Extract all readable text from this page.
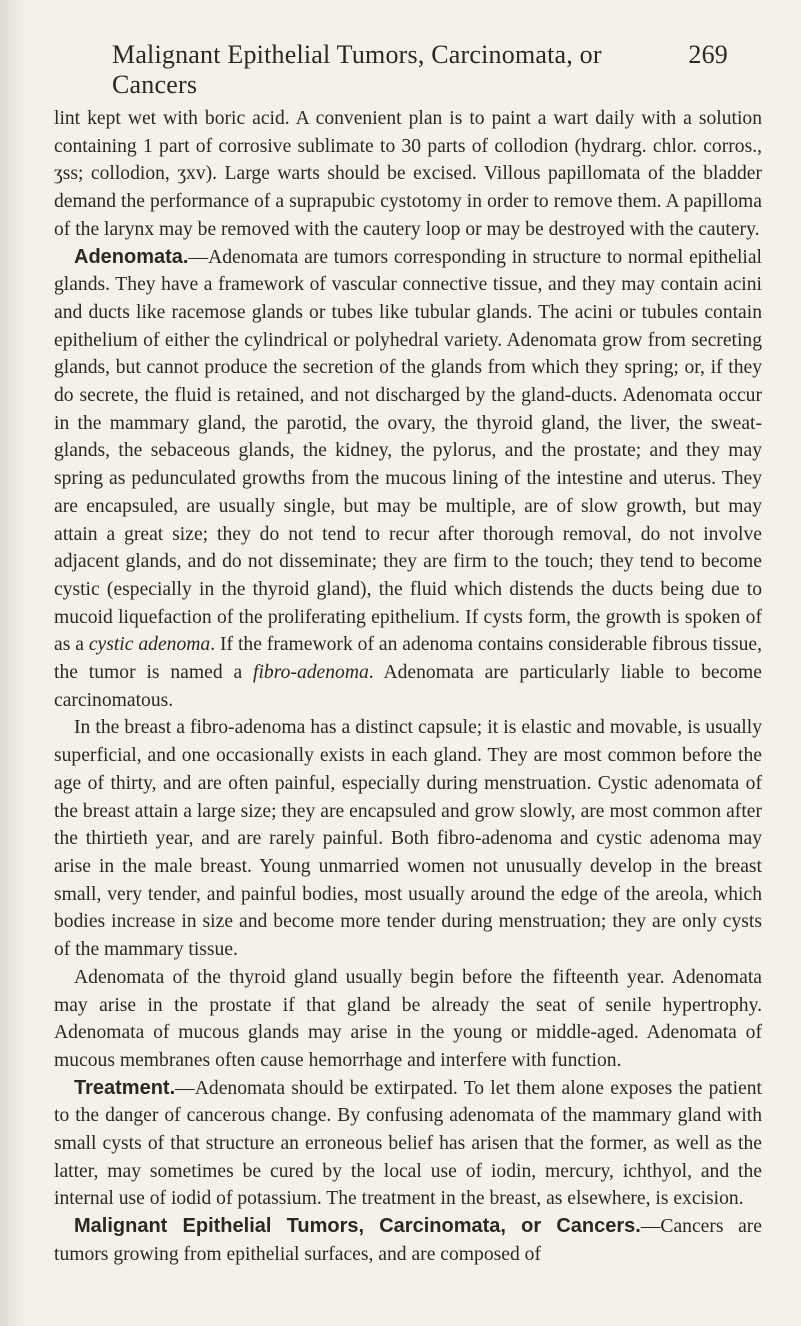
Malignant Epithelial Tumors, Carcinomata, or Cancers
269

lint kept wet with boric acid. A convenient plan is to paint a wart daily with a solution containing 1 part of corrosive sublimate to 30 parts of collodion (hydrarg. chlor. corros., ʒss; collodion, ʒxv). Large warts should be excised. Villous papillomata of the bladder demand the performance of a suprapubic cystotomy in order to remove them. A papilloma of the larynx may be removed with the cautery loop or may be destroyed with the cautery.

Adenomata.—Adenomata are tumors corresponding in structure to normal epithelial glands. They have a framework of vascular connective tissue, and they may contain acini and ducts like racemose glands or tubes like tubular glands. The acini or tubules contain epithelium of either the cylindrical or polyhedral variety. Adenomata grow from secreting glands, but cannot produce the secretion of the glands from which they spring; or, if they do secrete, the fluid is retained, and not discharged by the gland-ducts. Adenomata occur in the mammary gland, the parotid, the ovary, the thyroid gland, the liver, the sweat-glands, the sebaceous glands, the kidney, the pylorus, and the prostate; and they may spring as pedunculated growths from the mucous lining of the intestine and uterus. They are encapsuled, are usually single, but may be multiple, are of slow growth, but may attain a great size; they do not tend to recur after thorough removal, do not involve adjacent glands, and do not disseminate; they are firm to the touch; they tend to become cystic (especially in the thyroid gland), the fluid which distends the ducts being due to mucoid liquefaction of the proliferating epithelium. If cysts form, the growth is spoken of as a cystic adenoma. If the framework of an adenoma contains considerable fibrous tissue, the tumor is named a fibro-adenoma. Adenomata are particularly liable to become carcinomatous.

In the breast a fibro-adenoma has a distinct capsule; it is elastic and movable, is usually superficial, and one occasionally exists in each gland. They are most common before the age of thirty, and are often painful, especially during menstruation. Cystic adenomata of the breast attain a large size; they are encapsuled and grow slowly, are most common after the thirtieth year, and are rarely painful. Both fibro-adenoma and cystic adenoma may arise in the male breast. Young unmarried women not unusually develop in the breast small, very tender, and painful bodies, most usually around the edge of the areola, which bodies increase in size and become more tender during menstruation; they are only cysts of the mammary tissue.

Adenomata of the thyroid gland usually begin before the fifteenth year. Adenomata may arise in the prostate if that gland be already the seat of senile hypertrophy. Adenomata of mucous glands may arise in the young or middle-aged. Adenomata of mucous membranes often cause hemorrhage and interfere with function.

Treatment.—Adenomata should be extirpated. To let them alone exposes the patient to the danger of cancerous change. By confusing adenomata of the mammary gland with small cysts of that structure an erroneous belief has arisen that the former, as well as the latter, may sometimes be cured by the local use of iodin, mercury, ichthyol, and the internal use of iodid of potassium. The treatment in the breast, as elsewhere, is excision.

Malignant Epithelial Tumors, Carcinomata, or Cancers.—Cancers are tumors growing from epithelial surfaces, and are composed of
